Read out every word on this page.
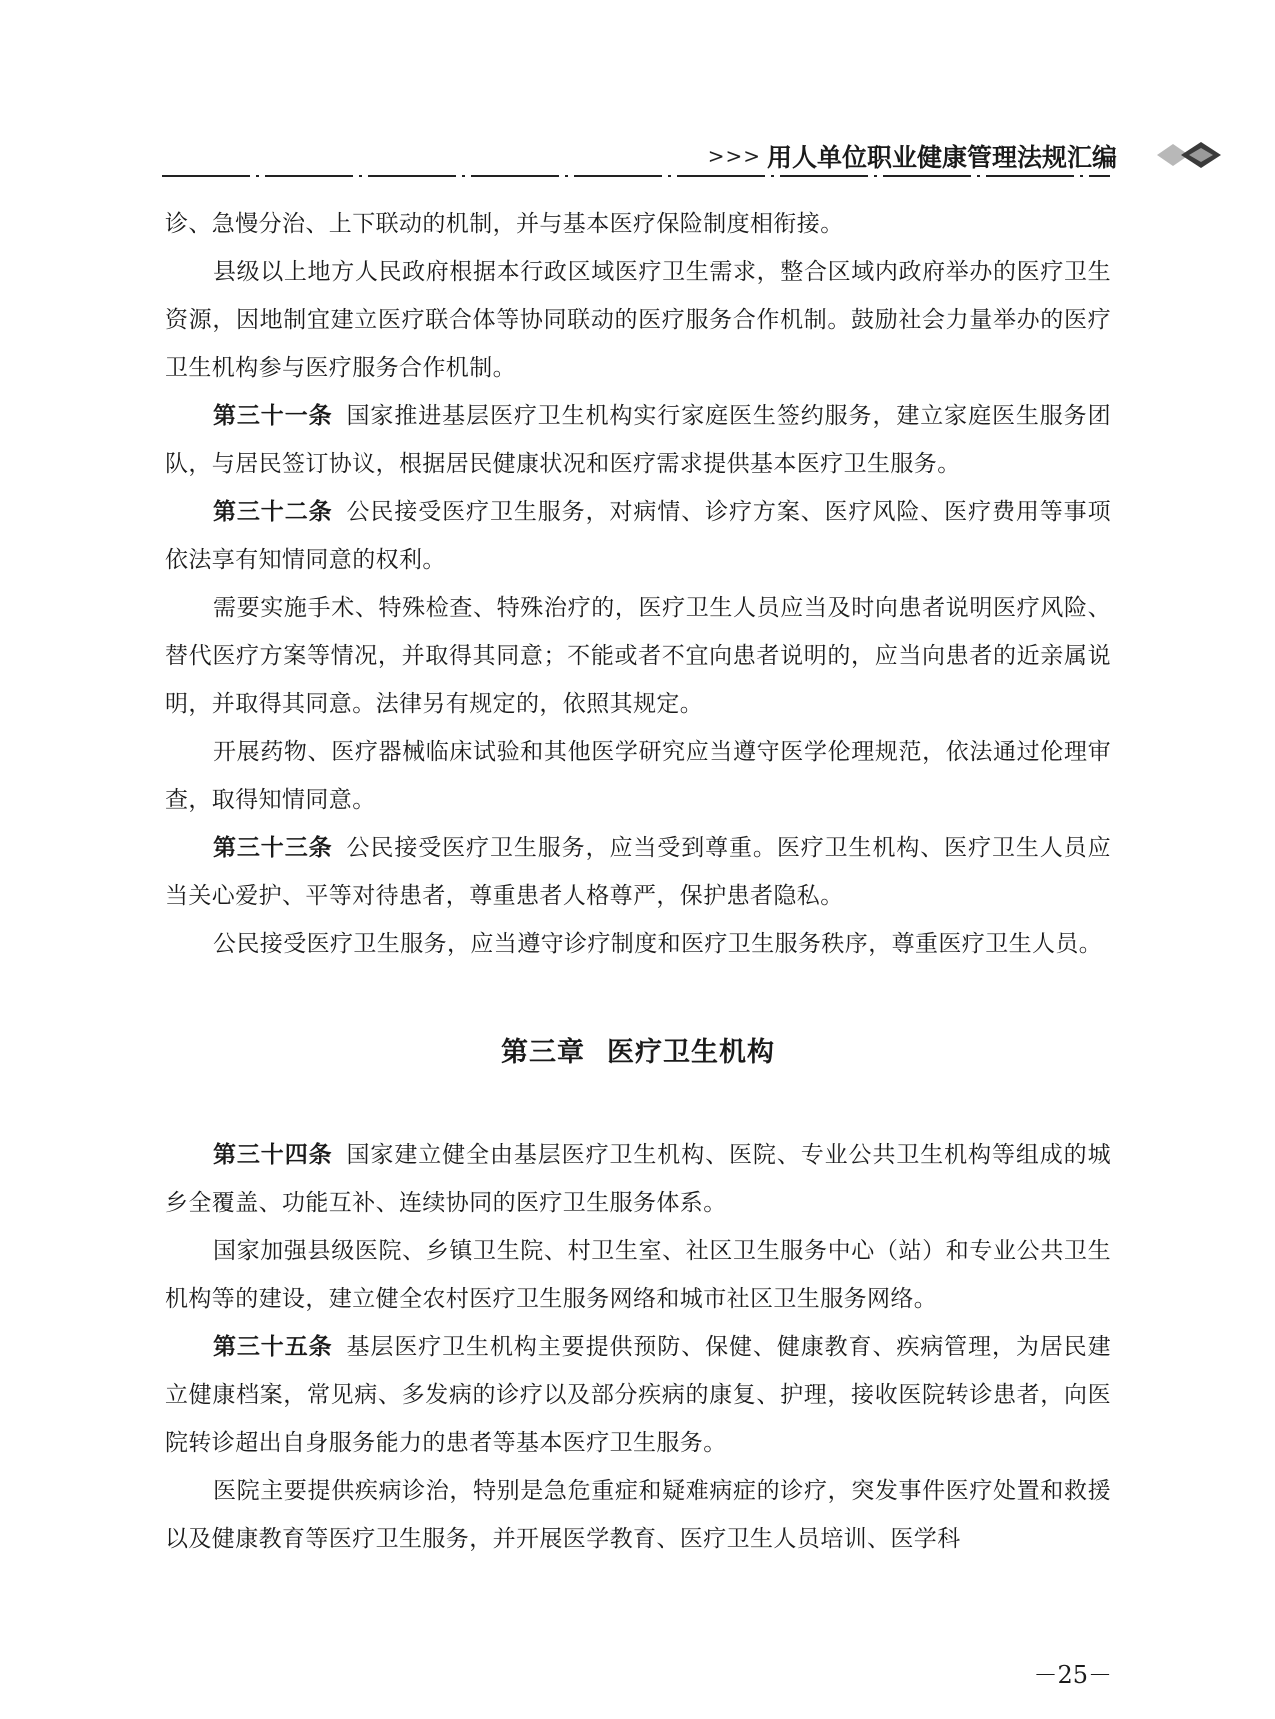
>>> 用人单位职业健康管理法规汇编

诊、急慢分治、上下联动的机制，并与基本医疗保险制度相衔接。

县级以上地方人民政府根据本行政区域医疗卫生需求，整合区域内政府举办的医疗卫生资源，因地制宜建立医疗联合体等协同联动的医疗服务合作机制。鼓励社会力量举办的医疗卫生机构参与医疗服务合作机制。

第三十一条 国家推进基层医疗卫生机构实行家庭医生签约服务，建立家庭医生服务团队，与居民签订协议，根据居民健康状况和医疗需求提供基本医疗卫生服务。

第三十二条 公民接受医疗卫生服务，对病情、诊疗方案、医疗风险、医疗费用等事项依法享有知情同意的权利。

需要实施手术、特殊检查、特殊治疗的，医疗卫生人员应当及时向患者说明医疗风险、替代医疗方案等情况，并取得其同意；不能或者不宜向患者说明的，应当向患者的近亲属说明，并取得其同意。法律另有规定的，依照其规定。

开展药物、医疗器械临床试验和其他医学研究应当遵守医学伦理规范，依法通过伦理审查，取得知情同意。

第三十三条 公民接受医疗卫生服务，应当受到尊重。医疗卫生机构、医疗卫生人员应当关心爱护、平等对待患者，尊重患者人格尊严，保护患者隐私。

公民接受医疗卫生服务，应当遵守诊疗制度和医疗卫生服务秩序，尊重医疗卫生人员。

第三章 医疗卫生机构

第三十四条 国家建立健全由基层医疗卫生机构、医院、专业公共卫生机构等组成的城乡全覆盖、功能互补、连续协同的医疗卫生服务体系。

国家加强县级医院、乡镇卫生院、村卫生室、社区卫生服务中心（站）和专业公共卫生机构等的建设，建立健全农村医疗卫生服务网络和城市社区卫生服务网络。

第三十五条 基层医疗卫生机构主要提供预防、保健、健康教育、疾病管理，为居民建立健康档案，常见病、多发病的诊疗以及部分疾病的康复、护理，接收医院转诊患者，向医院转诊超出自身服务能力的患者等基本医疗卫生服务。

医院主要提供疾病诊治，特别是急危重症和疑难病症的诊疗，突发事件医疗处置和救援以及健康教育等医疗卫生服务，并开展医学教育、医疗卫生人员培训、医学科

－25－
